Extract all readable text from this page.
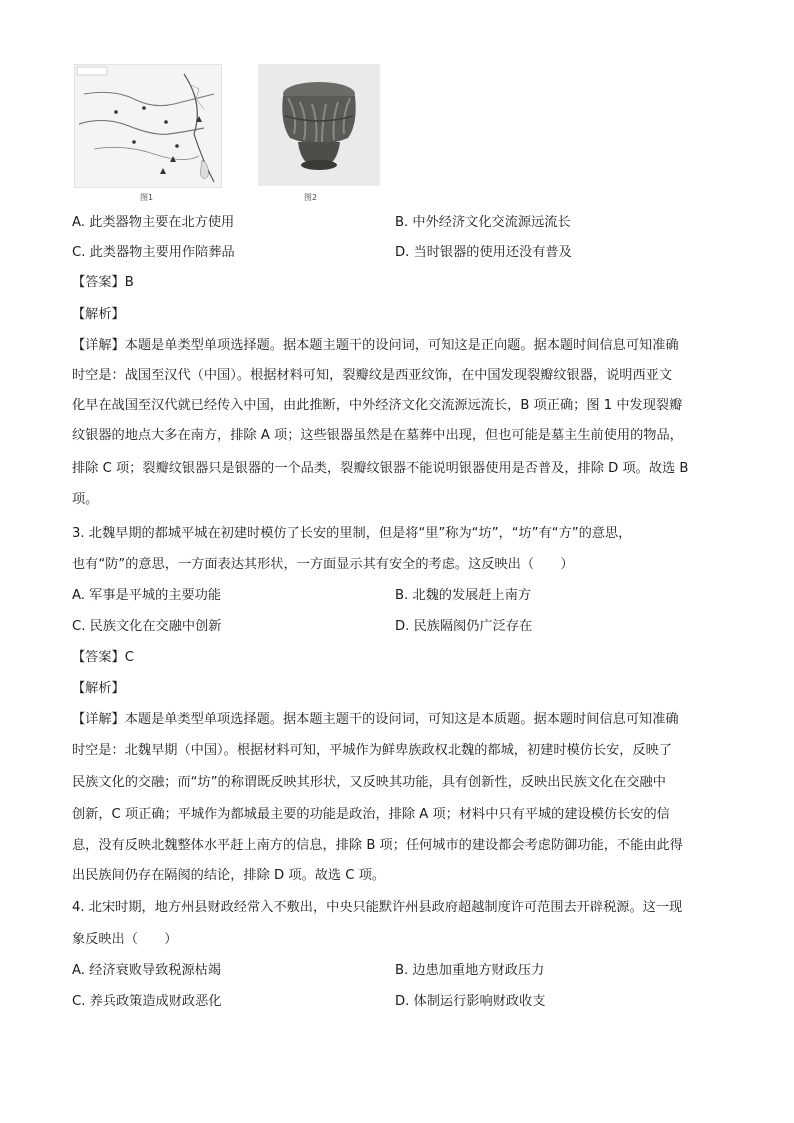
图1	图2
A. 此类器物主要在北方使用	B. 中外经济文化交流源远流长
C. 此类器物主要用作陪葬品	D. 当时银器的使用还没有普及
【答案】B
【解析】
【详解】本题是单类型单项选择题。据本题主题干的设问词，可知这是正向题。据本题时间信息可知准确
时空是：战国至汉代（中国）。根据材料可知，裂瓣纹是西亚纹饰，在中国发现裂瓣纹银器，说明西亚文
化早在战国至汉代就已经传入中国，由此推断，中外经济文化交流源远流长，B 项正确；图 1 中发现裂瓣
纹银器的地点大多在南方，排除 A 项；这些银器虽然是在墓葬中出现，但也可能是墓主生前使用的物品，
排除 C 项；裂瓣纹银器只是银器的一个品类，裂瓣纹银器不能说明银器使用是否普及，排除 D 项。故选 B
项。
3. 北魏早期的都城平城在初建时模仿了长安的里制，但是将“里”称为“坊”，“坊”有“方”的意思，
也有“防”的意思，一方面表达其形状，一方面显示其有安全的考虑。这反映出（　　）
A. 军事是平城的主要功能	B. 北魏的发展赶上南方
C. 民族文化在交融中创新	D. 民族隔阂仍广泛存在
【答案】C
【解析】
【详解】本题是单类型单项选择题。据本题主题干的设问词，可知这是本质题。据本题时间信息可知准确
时空是：北魏早期（中国）。根据材料可知，平城作为鲜卑族政权北魏的都城，初建时模仿长安，反映了
民族文化的交融；而“坊”的称谓既反映其形状，又反映其功能，具有创新性，反映出民族文化在交融中
创新，C 项正确；平城作为都城最主要的功能是政治，排除 A 项；材料中只有平城的建设模仿长安的信
息，没有反映北魏整体水平赶上南方的信息，排除 B 项；任何城市的建设都会考虑防御功能，不能由此得
出民族间仍存在隔阂的结论，排除 D 项。故选 C 项。
4. 北宋时期，地方州县财政经常入不敷出，中央只能默许州县政府超越制度许可范围去开辟税源。这一现
象反映出（　　）
A. 经济衰败导致税源枯竭	B. 边患加重地方财政压力
C. 养兵政策造成财政恶化	D. 体制运行影响财政收支
